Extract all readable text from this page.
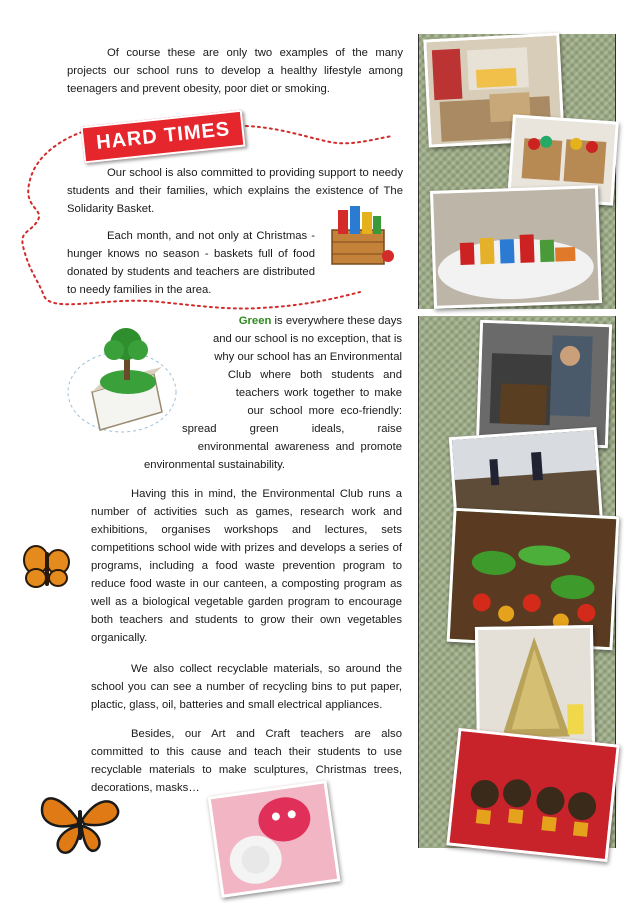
Of course these are only two examples of the many projects our school runs to develop a healthy lifestyle among teenagers and prevent obesity, poor diet or smoking.
HARD TIMES
Our school is also committed to providing support to needy students and their families, which explains the existence of The Solidarity Basket.
Each month, and not only at Christmas - hunger knows no season - baskets full of food donated by students and teachers are distributed to needy families in the area.

Green is everywhere these days

and our school is no exception, that is

why our school has an Environmental

Club where both students and

teachers work together to make

our school more eco-friendly:

spread green ideals, raise

environmental awareness and promote

environmental sustainability.

Having this in mind, the Environmental Club runs a number of activities such as games, research work and exhibitions, organises workshops and lectures, sets competitions school wide with prizes and develops a series of programs, including a food waste prevention program to reduce food waste in our canteen, a composting program as well as a biological vegetable garden program to encourage both teachers and students to grow their own vegetables organically.
We also collect recyclable materials, so around the school you can see a number of recycling bins to put paper, plactic, glass, oil, batteries and small electrical appliances.
Besides, our Art and Craft teachers are also committed to this cause and teach their students to use recyclable materials to make sculptures, Christmas trees, decorations, masks…
